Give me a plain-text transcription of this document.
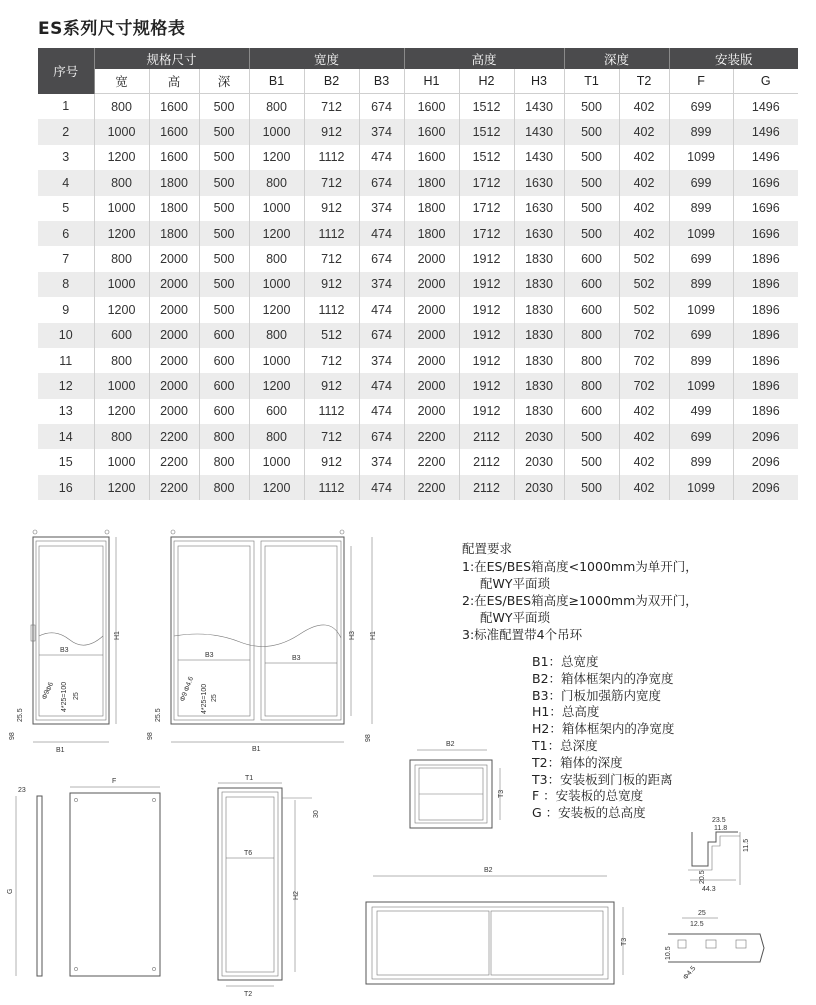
ES系列尺寸规格表
序号	规格尺寸			宽度			高度			深度		安装版	
	宽	高	深	B1	B2	B3	H1	H2	H3	T1	T2	F	G
1	800	1600	500	800	712	674	1600	1512	1430	500	402	699	1496
2	1000	1600	500	1000	912	374	1600	1512	1430	500	402	899	1496
3	1200	1600	500	1200	1112	474	1600	1512	1430	500	402	1099	1496
4	800	1800	500	800	712	674	1800	1712	1630	500	402	699	1696
5	1000	1800	500	1000	912	374	1800	1712	1630	500	402	899	1696
6	1200	1800	500	1200	1112	474	1800	1712	1630	500	402	1099	1696
7	800	2000	500	800	712	674	2000	1912	1830	600	502	699	1896
8	1000	2000	500	1000	912	374	2000	1912	1830	600	502	899	1896
9	1200	2000	500	1200	1112	474	2000	1912	1830	600	502	1099	1896
10	600	2000	600	800	512	674	2000	1912	1830	800	702	699	1896
11	800	2000	600	1000	712	374	2000	1912	1830	800	702	899	1896
12	1000	2000	600	1200	912	474	2000	1912	1830	800	702	1099	1896
13	1200	2000	600	600	1112	474	2000	1912	1830	600	402	499	1896
14	800	2200	800	800	712	674	2200	2112	2030	500	402	699	2096
15	1000	2200	800	1000	912	374	2200	2112	2030	500	402	899	2096
16	1200	2200	800	1200	1112	474	2200	2112	2030	500	402	1099	2096
B3
H1
B1
Φ6
Φ9 4*25=100 25
25.5
98
B3	B3
H3 H1
B1
Φ4.6
Φ9 4*25=100 25
25.5
98	98
B2
T3
G
23
F	T1
30
T6
H2
T2
B2
T3
23.5
11.8
11.5
20.5
44.3
25
12.5
10.5
Φ4.5
配置要求
1:在ES/BES箱高度<1000mm为单开门，
配WY平面琐
2:在ES/BES箱高度≥1000mm为双开门，
配WY平面琐
3:标准配置带4个吊环
B1：总宽度
B2：箱体框架内的净宽度
B3：门板加强筋内宽度
H1：总高度
H2：箱体框架内的净宽度
T1：总深度
T2：箱体的深度
T3：安装板到门板的距离
F ：安装板的总宽度
G ：安装板的总高度
